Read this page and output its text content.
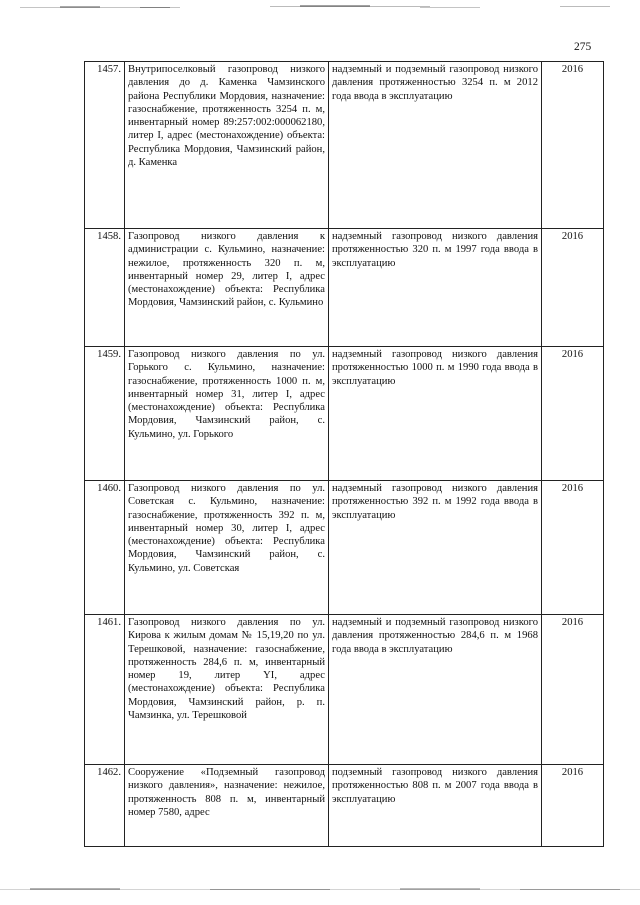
275
1457.	Внутрипоселковый газопровод низкого давления до д. Каменка Чамзинского района Республики Мордовия, назначение: газоснабжение, протяженность 3254 п. м, инвентарный номер 89:257:002:000062180, литер I, адрес (местонахождение) объекта: Республика Мордовия, Чамзинский район, д. Каменка	надземный и подземный газопровод низкого давления протяженностью 3254 п. м 2012 года ввода в эксплуатацию	2016
1458.	Газопровод низкого давления к администрации с. Кульмино, назначение: нежилое, протяженность 320 п. м, инвентарный номер 29, литер I, адрес (местонахождение) объекта: Республика Мордовия, Чамзинский район, с. Кульмино	надземный газопровод низкого давления протяженностью 320 п. м 1997 года ввода в эксплуатацию	2016
1459.	Газопровод низкого давления по ул. Горького с. Кульмино, назначение: газоснабжение, протяженность 1000 п. м, инвентарный номер 31, литер I, адрес (местонахождение) объекта: Республика Мордовия, Чамзинский район, с. Кульмино, ул. Горького	надземный газопровод низкого давления протяженностью 1000 п. м 1990 года ввода в эксплуатацию	2016
1460.	Газопровод низкого давления по ул. Советская с. Кульмино, назначение: газоснабжение, протяженность 392 п. м, инвентарный номер 30, литер I, адрес (местонахождение) объекта: Республика Мордовия, Чамзинский район, с. Кульмино, ул. Советская	надземный газопровод низкого давления протяженностью 392 п. м 1992 года ввода в эксплуатацию	2016
1461.	Газопровод низкого давления по ул. Кирова к жилым домам № 15,19,20 по ул. Терешковой, назначение: газоснабжение, протяженность 284,6 п. м, инвентарный номер 19, литер YI, адрес (местонахождение) объекта: Республика Мордовия, Чамзинский район, р. п. Чамзинка, ул. Терешковой	надземный и подземный газопровод низкого давления протяженностью 284,6 п. м 1968 года ввода в эксплуатацию	2016
1462.	Сооружение «Подземный газопровод низкого давления», назначение: нежилое, протяженность 808 п. м, инвентарный номер 7580, адрес	подземный газопровод низкого давления протяженностью 808 п. м 2007 года ввода в эксплуатацию	2016
